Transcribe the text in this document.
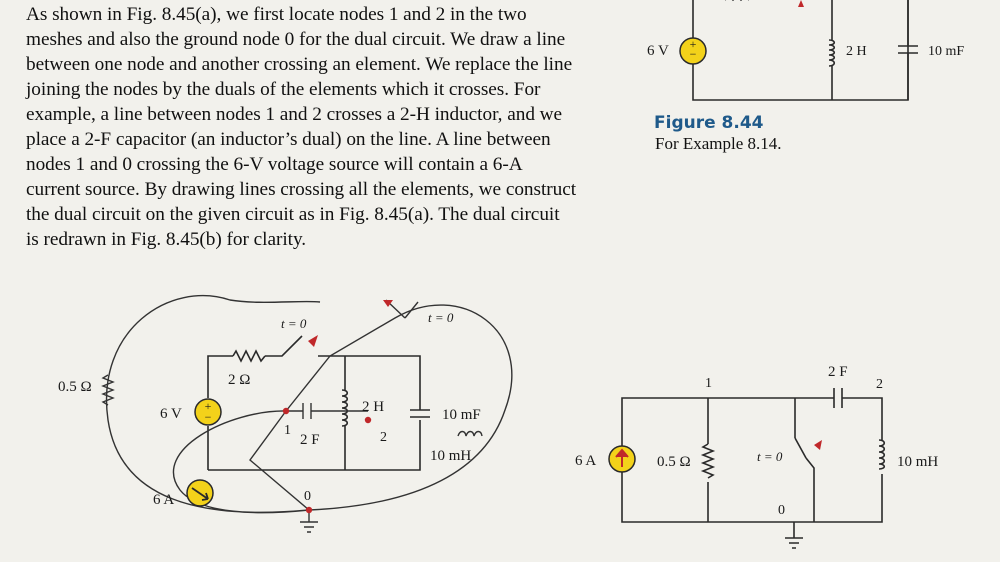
As shown in Fig. 8.45(a), we first locate nodes 1 and 2 in the two
meshes and also the ground node 0 for the dual circuit. We draw a line
between one node and another crossing an element. We replace the line
joining the nodes by the duals of the elements which it crosses. For
example, a line between nodes 1 and 2 crosses a 2-H inductor, and we
place a 2-F capacitor (an inductor’s dual) on the line. A line between
nodes 1 and 0 crossing the 6-V voltage source will contain a 6-A
current source. By drawing lines crossing all the elements, we construct
the dual circuit on the given circuit as in Fig. 8.45(a). The dual circuit
is redrawn in Fig. 8.45(b) for clarity.
Figure 8.44
For Example 8.14.
+
−
6 V	2 H	10 mF
+
−
0.5 Ω	2 Ω
t = 0	t = 0
6 V	2 H	10 mF
2 F
10 mH
6 A
1	2
0
6 A	0.5 Ω	t = 0
2 F
10 mH
1	2
0
